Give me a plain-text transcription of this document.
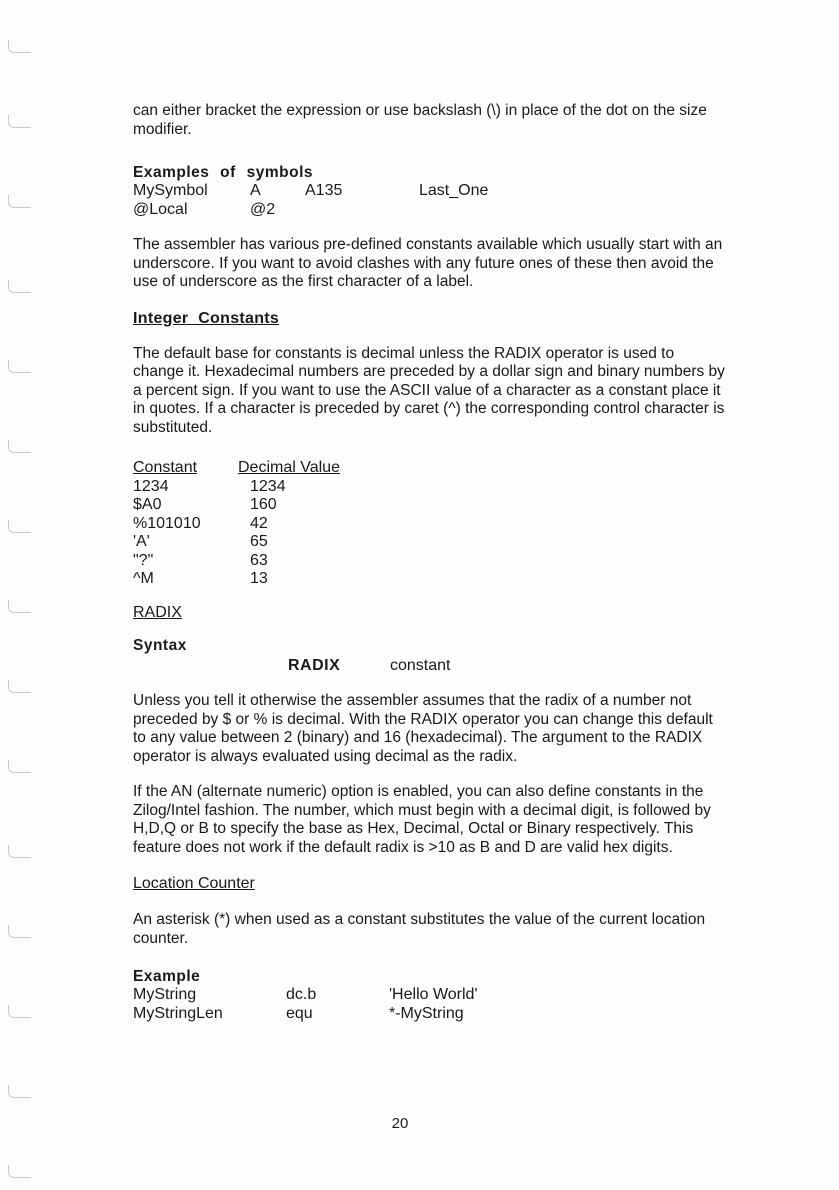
can either bracket the expression or use backslash (\) in place of the dot on the size modifier.

Examples of symbols
MySymbol	A	A135	Last_One
@Local	@2

The assembler has various pre-defined constants available which usually start with an underscore. If you want to avoid clashes with any future ones of these then avoid the use of underscore as the first character of a label.

Integer Constants

The default base for constants is decimal unless the RADIX operator is used to change it. Hexadecimal numbers are preceded by a dollar sign and binary numbers by a percent sign. If you want to use the ASCII value of a character as a constant place it in quotes. If a character is preceded by caret (^) the corresponding control character is substituted.

Constant	Decimal Value
1234	1234
$A0	160
%101010	42
'A'	65
"?"	63
^M	13
RADIX
Syntax
RADIX	constant

Unless you tell it otherwise the assembler assumes that the radix of a number not preceded by $ or % is decimal. With the RADIX operator you can change this default to any value between 2 (binary) and 16 (hexadecimal). The argument to the RADIX operator is always evaluated using decimal as the radix.

If the AN (alternate numeric) option is enabled, you can also define constants in the Zilog/Intel fashion. The number, which must begin with a decimal digit, is followed by H,D,Q or B to specify the base as Hex, Decimal, Octal or Binary respectively. This feature does not work if the default radix is >10 as B and D are valid hex digits.

Location Counter

An asterisk (*) when used as a constant substitutes the value of the current location counter.

Example
MyString	dc.b	'Hello World'
MyStringLen	equ	*-MyString
20
